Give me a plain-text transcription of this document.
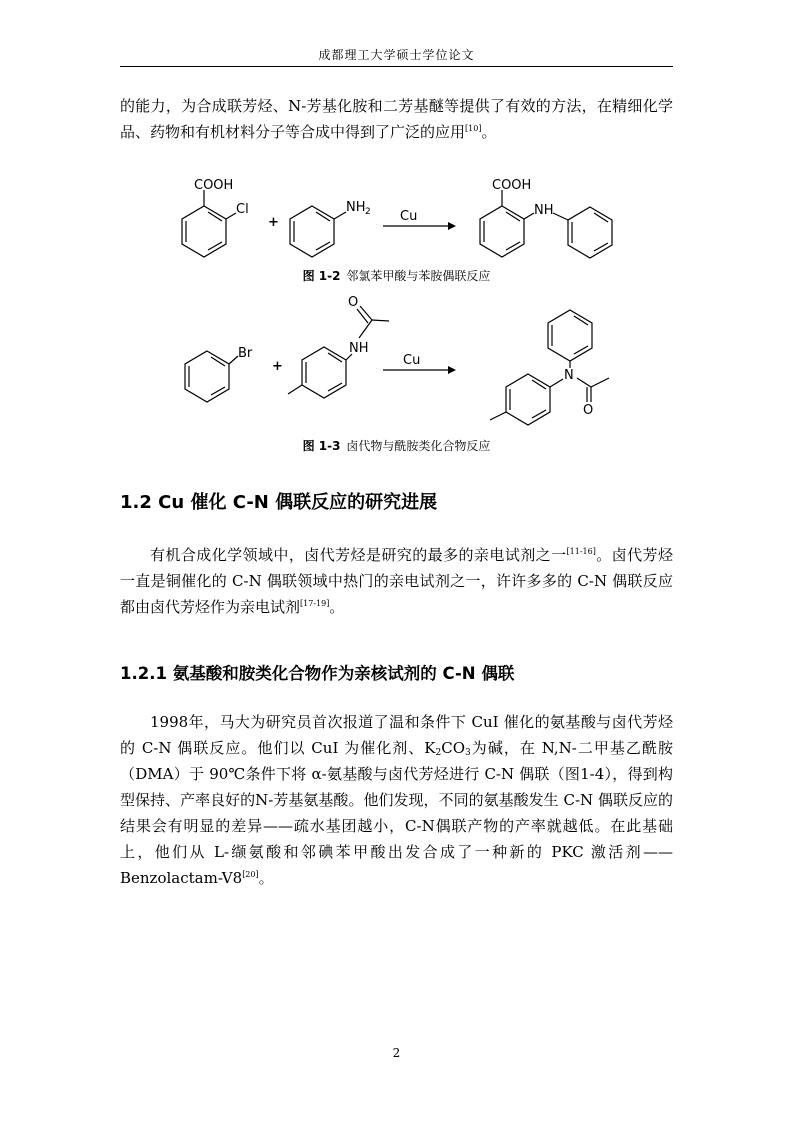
成都理工大学硕士学位论文

的能力，为合成联芳烃、N-芳基化胺和二芳基醚等提供了有效的方法，在精细化学品、药物和有机材料分子等合成中得到了广泛的应用[10]。

COOH
Cl
+
NH 2 Cu
COOH
NH
图 1-2 邻氯苯甲酸与苯胺偶联反应
Br
+
O
NH
Cu
N
O
图 1-3 卤代物与酰胺类化合物反应
1.2 Cu 催化 C-N 偶联反应的研究进展

有机合成化学领域中，卤代芳烃是研究的最多的亲电试剂之一[11-16]。卤代芳烃一直是铜催化的 C-N 偶联领域中热门的亲电试剂之一，许许多多的 C-N 偶联反应都由卤代芳烃作为亲电试剂[17-19]。

1.2.1 氨基酸和胺类化合物作为亲核试剂的 C-N 偶联

1998年，马大为研究员首次报道了温和条件下 CuI 催化的氨基酸与卤代芳烃的 C-N 偶联反应。他们以 CuI 为催化剂、$K_2CO_3$为碱，在 N,N-二甲基乙酰胺（DMA）于 90℃条件下将 α-氨基酸与卤代芳烃进行 C-N 偶联（图1-4），得到构型保持、产率良好的N-芳基氨基酸。他们发现，不同的氨基酸发生 C-N 偶联反应的结果会有明显的差异——疏水基团越小，C-N偶联产物的产率就越低。在此基础上，他们从 L-缬氨酸和邻碘苯甲酸出发合成了一种新的 PKC 激活剂——Benzolactam-V8[20]。

2
